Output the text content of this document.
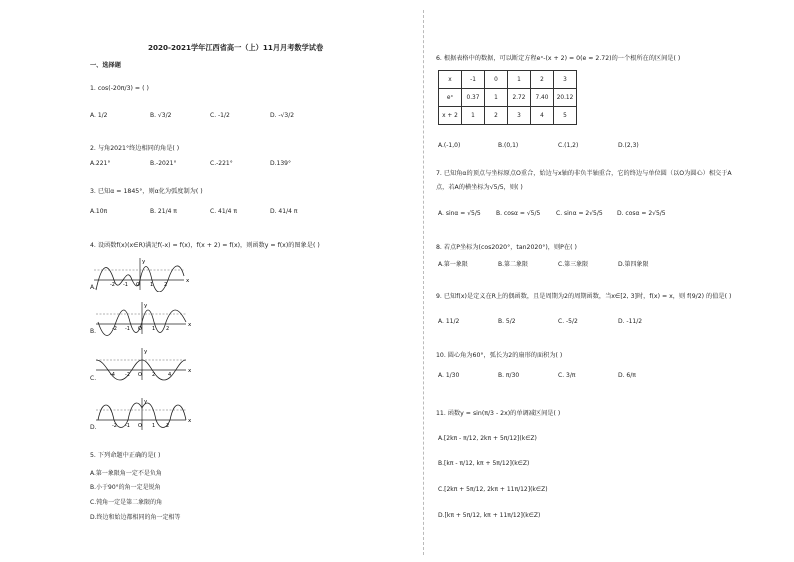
2020-2021学年江西省高一（上）11月月考数学试卷
一、选择题
1. cos(-20π/3) = ( )
A. 1/2	B. √3/2	C. -1/2	D. -√3/2
2. 与角2021°终边相同的角是( )
A.221°	B.-2021°	C.-221°	D.139°
3. 已知α = 1845°，则α化为弧度制为( )
A.10π	B. 21/4 π	C. 41/4 π	D. 41/4 π
4. 设函数f(x)(x∈R)满足f(-x) = f(x)，f(x + 2) = f(x)，则函数y = f(x)的图象是( )
x
y
-2 -1 O 1 2
A.
x
y
-2 -1 O 1 2
B.
x
y
-4 -2 O 2	4
C.
x
y
-2 -1 O 1 2
D.
5. 下列命题中正确的是( )
A.第一象限角一定不是负角
B.小于90°的角一定是锐角
C.钝角一定是第二象限的角
D.终边和始边都相同的角一定相等
6. 根据表格中的数据，可以断定方程eˣ-(x + 2) = 0(e ≈ 2.72)的一个根所在的区间是( )
x	-1	0	1	2	3
eˣ	0.37	1	2.72	7.40	20.12
x + 2	1	2	3	4	5
A.(-1,0)	B.(0,1)	C.(1,2)	D.(2,3)
7. 已知角α的顶点与坐标原点O重合，始边与x轴的非负半轴重合，它的终边与单位圆（以O为圆心）相交于A
点，若A的横坐标为√5/5，则( )
A. sinα = √5/5	B. cosα = √5/5	C. sinα = 2√5/5 D. cosα = 2√5/5
8. 若点P坐标为(cos2020°，tan2020°)，则P在( )
A.第一象限	B.第二象限	C.第三象限	D.第四象限
9. 已知f(x)是定义在R上的偶函数，且是周期为2的周期函数，当x∈[2, 3]时，f(x) = x，则 f(9/2) 的值是( )
A. 11/2	B. 5/2	C. -5/2	D. -11/2
10. 圆心角为60°，弧长为2的扇形的面积为( )
A. 1/30	B. π/30	C. 3/π	D. 6/π
11. 函数y = sin(π/3 - 2x)的单调减区间是( )
A.[2kπ - π/12, 2kπ + 5π/12](k∈Z)
B.[kπ - π/12, kπ + 5π/12](k∈Z)
C.[2kπ + 5π/12, 2kπ + 11π/12](k∈Z)
D.[kπ + 5π/12, kπ + 11π/12](k∈Z)
